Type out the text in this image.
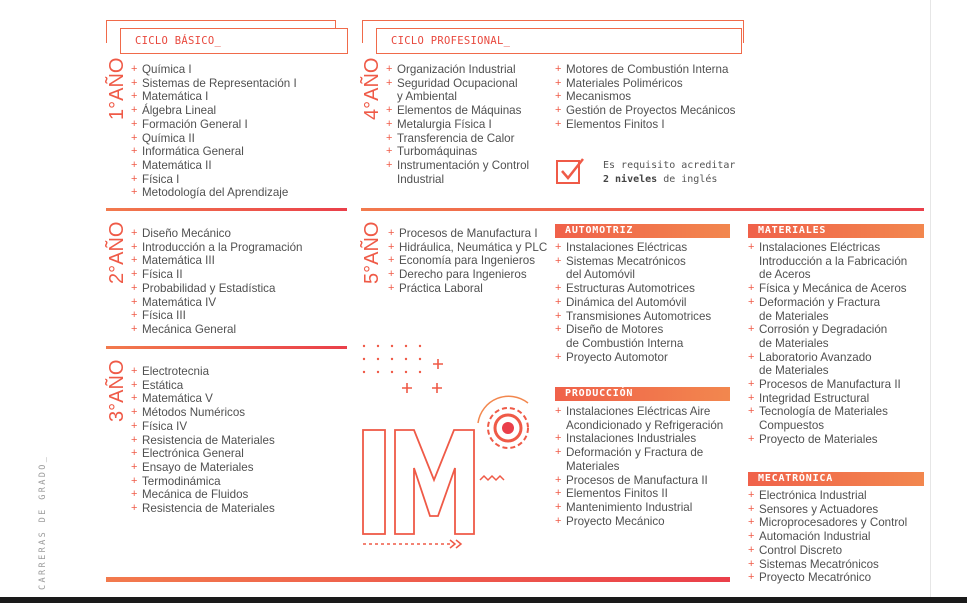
CARRERAS DE GRADO_
CICLO BÁSICO_	CICLO PROFESIONAL_
1°AÑO	+ Química I
+ Sistemas de Representación I
+ Matemática I
+ Álgebra Lineal
+ Formación General I
+ Química II
+ Informática General
+ Matemática II
+ Física I
+ Metodología del Aprendizaje
4°AÑO	+ Organización Industrial
+ Seguridad Ocupacional
y Ambiental
+ Elementos de Máquinas
+ Metalurgia Física I
+ Transferencia de Calor
+ Turbomáquinas
+ Instrumentación y Control
Industrial
+ Motores de Combustión Interna
+ Materiales Poliméricos
+ Mecanismos
+ Gestión de Proyectos Mecánicos
+ Elementos Finitos I
Es requisito acreditar
2 niveles de inglés
2°AÑO	+ Diseño Mecánico
+ Introducción a la Programación
+ Matemática III
+ Física II
+ Probabilidad y Estadística
+ Matemática IV
+ Física III
+ Mecánica General
5°AÑO	+ Procesos de Manufactura I
+ Hidráulica, Neumática y PLC
+ Economía para Ingenieros
+ Derecho para Ingenieros
+ Práctica Laboral
3°AÑO	+ Electrotecnia
+ Estática
+ Matemática V
+ Métodos Numéricos
+ Física IV
+ Resistencia de Materiales
+ Electrónica General
+ Ensayo de Materiales
+ Termodinámica
+ Mecánica de Fluidos
+ Resistencia de Materiales
AUTOMOTRIZ
+ Instalaciones Eléctricas
+ Sistemas Mecatrónicos
del Automóvil
+ Estructuras Automotrices
+ Dinámica del Automóvil
+ Transmisiones Automotrices
+ Diseño de Motores
de Combustión Interna
+ Proyecto Automotor
PRODUCCIÓN
+ Instalaciones Eléctricas Aire
Acondicionado y Refrigeración
+ Instalaciones Industriales
+ Deformación y Fractura de
Materiales
+ Procesos de Manufactura II
+ Elementos Finitos II
+ Mantenimiento Industrial
+ Proyecto Mecánico
MATERIALES
+ Instalaciones Eléctricas
Introducción a la Fabricación
de Aceros
+ Física y Mecánica de Aceros
+ Deformación y Fractura
de Materiales
+ Corrosión y Degradación
de Materiales
+ Laboratorio Avanzado
de Materiales
+ Procesos de Manufactura II
+ Integridad Estructural
+ Tecnología de Materiales
Compuestos
+ Proyecto de Materiales
MECATRÓNICA
+ Electrónica Industrial
+ Sensores y Actuadores
+ Microprocesadores y Control
+ Automación Industrial
+ Control Discreto
+ Sistemas Mecatrónicos
+ Proyecto Mecatrónico
